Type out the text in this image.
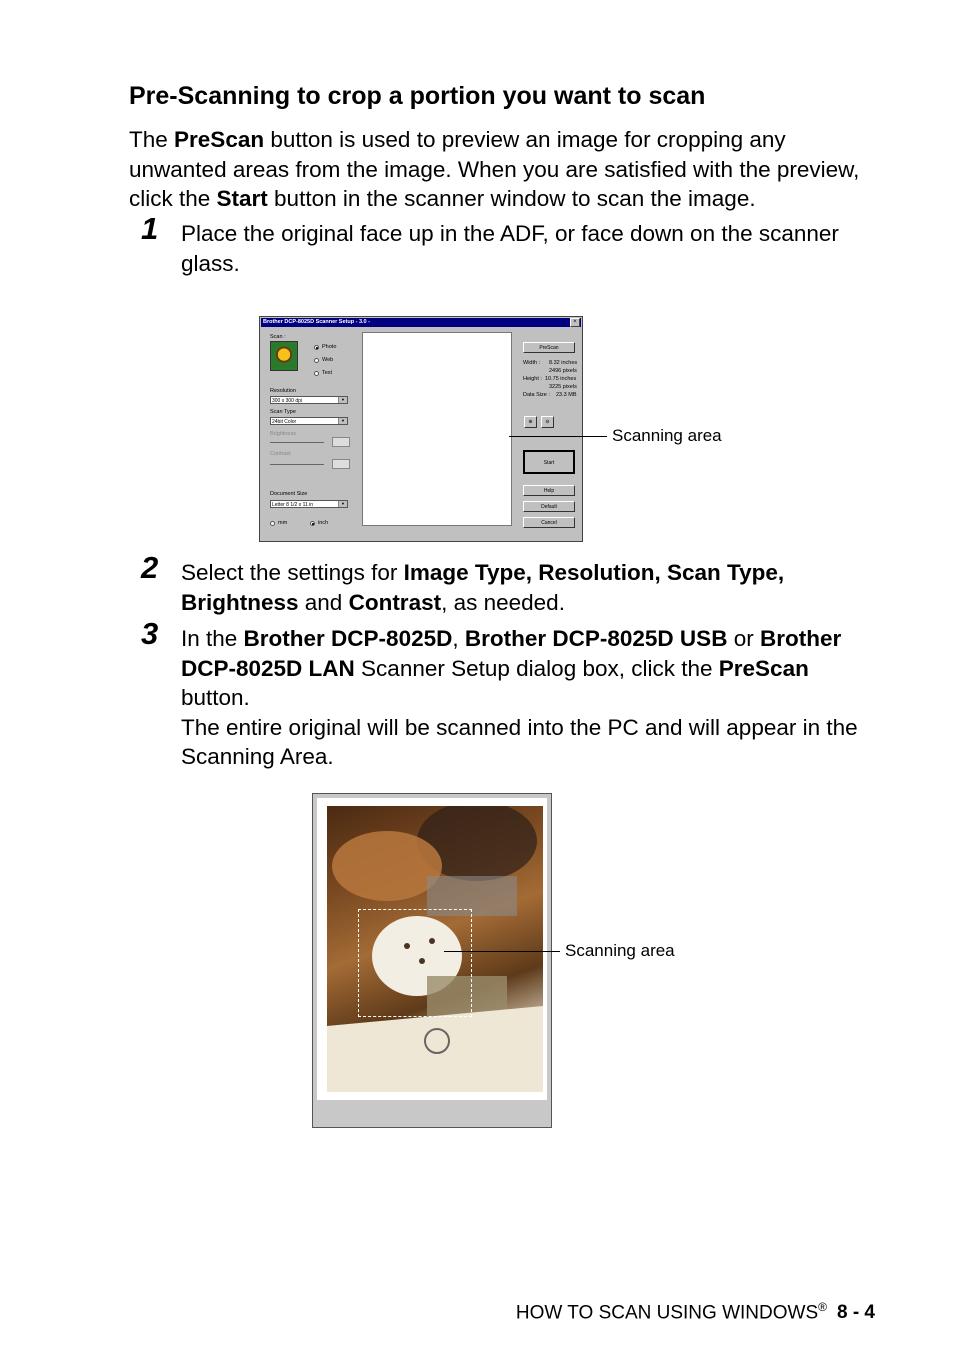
Pre-Scanning to crop a portion you want to scan
The PreScan button is used to preview an image for cropping any unwanted areas from the image. When you are satisfied with the preview, click the Start button in the scanner window to scan the image.
1 Place the original face up in the ADF, or face down on the scanner glass.
Brother DCP-8025D Scanner Setup - 3.0 -	×
Scan :
Photo
Web
Text
Resolution
300 x 300 dpi	▼
Scan Type
24bit Color	▼
Brightness
Contrast
Document Size
Letter 8 1/2 x 11 in	▼
mm	inch
PreScan
Width : 8.32 inches
2496 pixels
Height : 10.75 inches
3225 pixels
Data Size : 23.3 MB
⊕	⊖
Start
Help
Default
Cancel
Scanning area
2 Select the settings for Image Type, Resolution, Scan Type, Brightness and Contrast, as needed.
3 In the Brother DCP-8025D, Brother DCP-8025D USB or Brother DCP-8025D LAN Scanner Setup dialog box, click the PreScan button.
The entire original will be scanned into the PC and will appear in the Scanning Area.
Scanning area
HOW TO SCAN USING WINDOWS® 8 - 4
